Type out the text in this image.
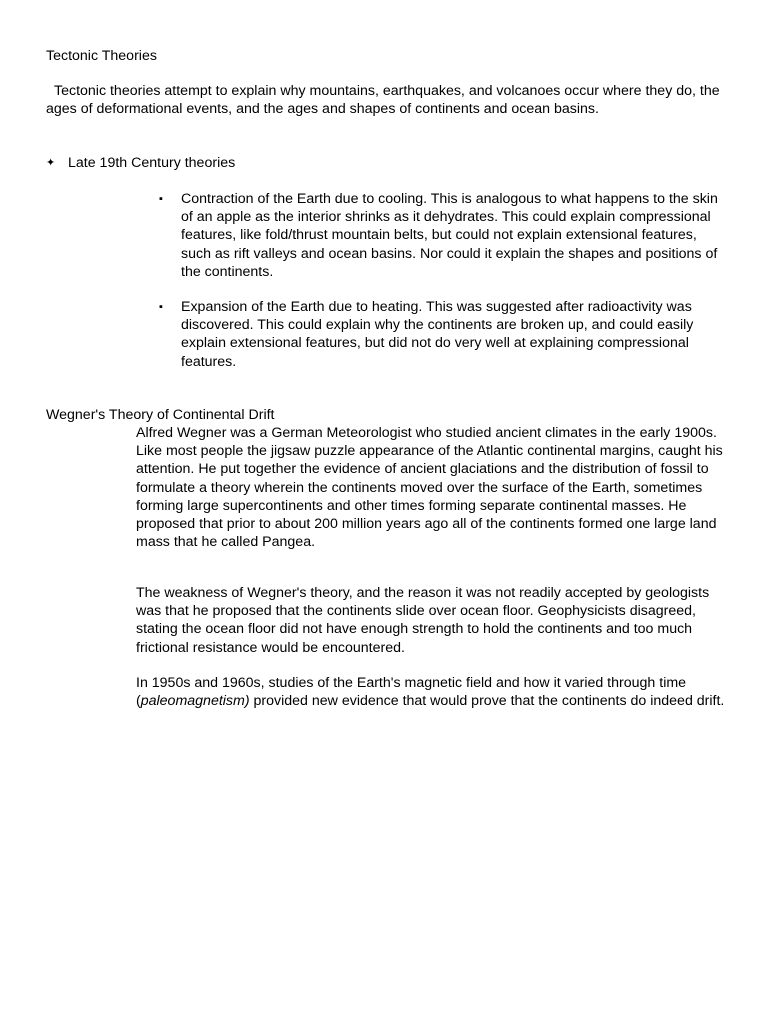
Tectonic Theories

Tectonic theories attempt to explain why mountains, earthquakes, and volcanoes occur where they do, the ages of deformational events, and the ages and shapes of continents and ocean basins.

✦ Late 19th Century theories
▪ Contraction of the Earth due to cooling. This is analogous to what happens to the skin of an apple as the interior shrinks as it dehydrates. This could explain compressional features, like fold/thrust mountain belts, but could not explain extensional features, such as rift valleys and ocean basins. Nor could it explain the shapes and positions of the continents.

▪ Expansion of the Earth due to heating. This was suggested after radioactivity was discovered. This could explain why the continents are broken up, and could easily explain extensional features, but did not do very well at explaining compressional features.

Wegner's Theory of Continental Drift

Alfred Wegner was a German Meteorologist who studied ancient climates in the early 1900s. Like most people the jigsaw puzzle appearance of the Atlantic continental margins, caught his attention. He put together the evidence of ancient glaciations and the distribution of fossil to formulate a theory wherein the continents moved over the surface of the Earth, sometimes forming large supercontinents and other times forming separate continental masses. He proposed that prior to about 200 million years ago all of the continents formed one large land mass that he called Pangea.

The weakness of Wegner's theory, and the reason it was not readily accepted by geologists was that he proposed that the continents slide over ocean floor. Geophysicists disagreed, stating the ocean floor did not have enough strength to hold the continents and too much frictional resistance would be encountered.

In 1950s and 1960s, studies of the Earth's magnetic field and how it varied through time (paleomagnetism) provided new evidence that would prove that the continents do indeed drift.
